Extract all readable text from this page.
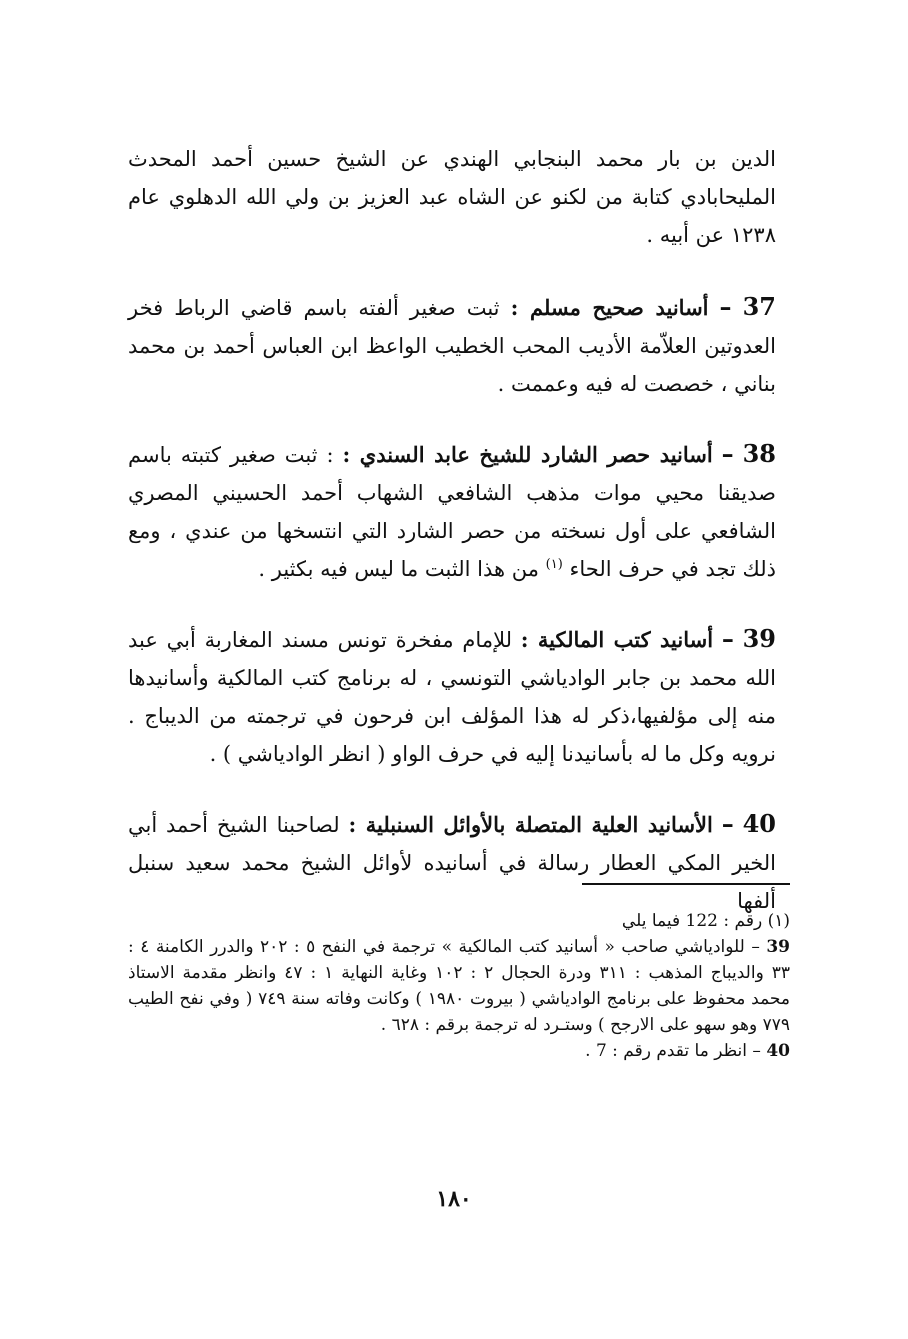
الدين بن بار محمد البنجابي الهندي عن الشيخ حسين أحمد المحدث المليحابادي كتابة من لكنو عن الشاه عبد العزيز بن ولي الله الدهلوي عام ١٢٣٨ عن أبيه .

37 – أسانيد صحيح مسلم : ثبت صغير ألفته باسم قاضي الرباط فخر العدوتين العلاّمة الأديب المحب الخطيب الواعظ ابن العباس أحمد بن محمد بناني ، خصصت له فيه وعممت .

38 – أسانيد حصر الشارد للشيخ عابد السندي : : ثبت صغير كتبته باسم صديقنا محيي موات مذهب الشافعي الشهاب أحمد الحسيني المصري الشافعي على أول نسخته من حصر الشارد التي انتسخها من عندي ، ومع ذلك تجد في حرف الحاء $^{(١)}$ من هذا الثبت ما ليس فيه بكثير .

39 – أسانيد كتب المالكية : للإمام مفخرة تونس مسند المغاربة أبي عبد الله محمد بن جابر الوادياشي التونسي ، له برنامج كتب المالكية وأسانيدها منه إلى مؤلفيها،ذكر له هذا المؤلف ابن فرحون في ترجمته من الديباج . نرويه وكل ما له بأسانيدنا إليه في حرف الواو ( انظر الوادياشي ) .

40 – الأسانيد العلية المتصلة بالأوائل السنبلية : لصاحبنا الشيخ أحمد أبي الخير المكي العطار رسالة في أسانيده لأوائل الشيخ محمد سعيد سنبل ألفها

(١) رقم : 122 فيما يلي

39 – للوادياشي صاحب « أسانيد كتب المالكية » ترجمة في النفح ٥ : ٢٠٢ والدرر الكامنة ٤ : ٣٣ والديباج المذهب : ٣١١ ودرة الحجال ٢ : ١٠٢ وغاية النهاية ١ : ٤٧ وانظر مقدمة الاستاذ محمد محفوظ على برنامج الوادياشي ( بيروت ١٩٨٠ ) وكانت وفاته سنة ٧٤٩ ( وفي نفح الطيب ٧٧٩ وهو سهو على الارجح ) وستـرد له ترجمة برقم : ٦٢٨ .

40 – انظر ما تقدم رقم : 7 .

١٨٠
